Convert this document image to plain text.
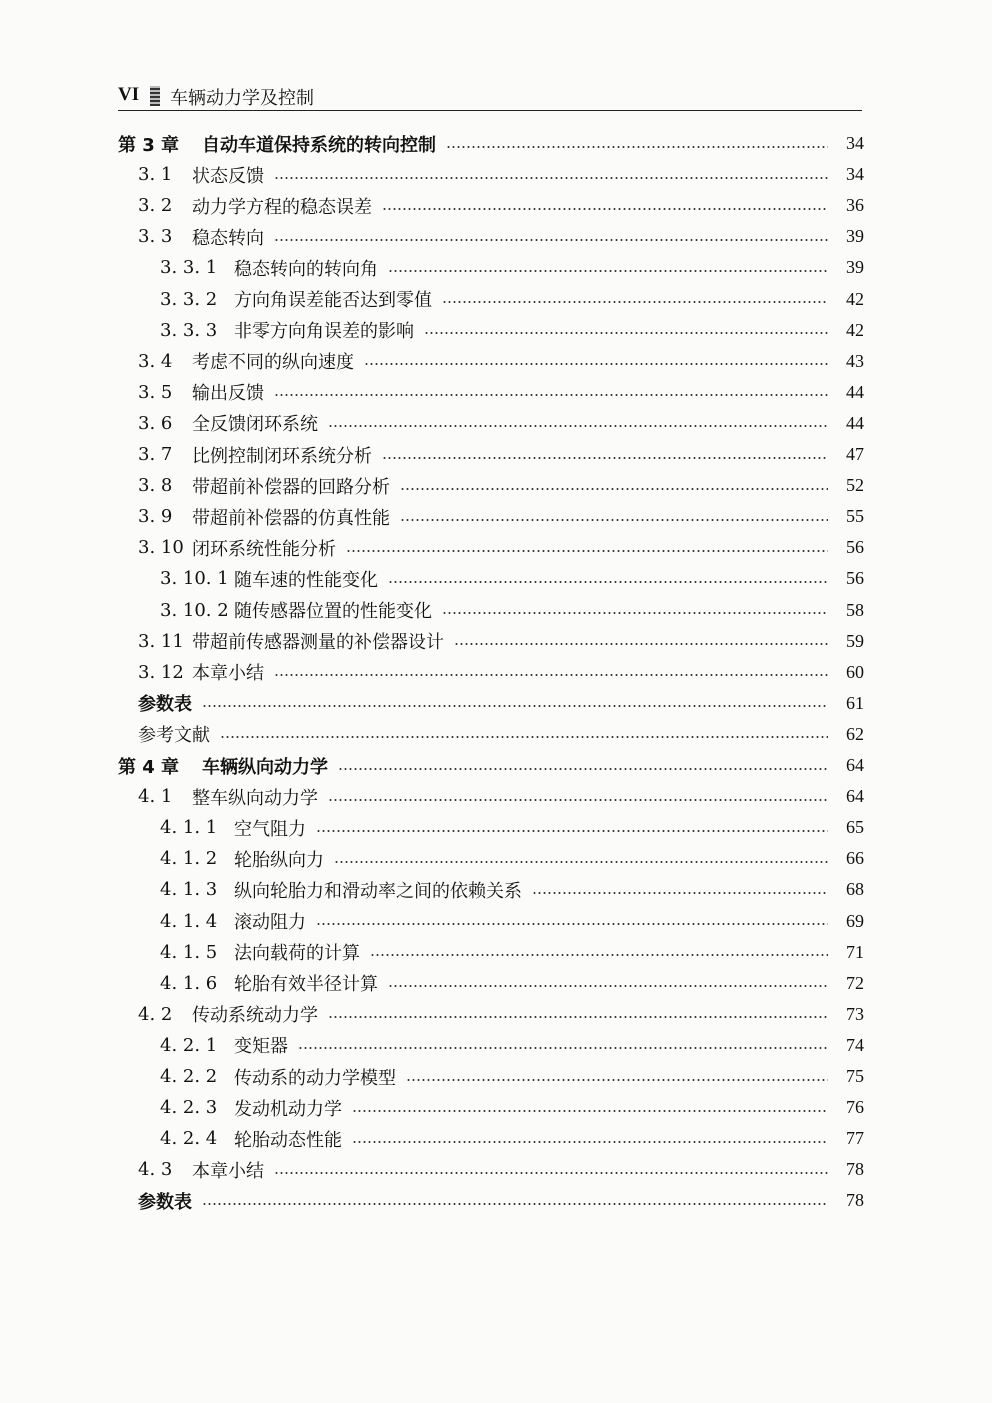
VI 车辆动力学及控制
第 3 章	自动车道保持系统的转向控制	34
3. 1	状态反馈	34
3. 2	动力学方程的稳态误差	36
3. 3	稳态转向	39
3. 3. 1 稳态转向的转向角	39
3. 3. 2 方向角误差能否达到零值	42
3. 3. 3 非零方向角误差的影响	42
3. 4	考虑不同的纵向速度	43
3. 5	输出反馈	44
3. 6	全反馈闭环系统	44
3. 7	比例控制闭环系统分析	47
3. 8	带超前补偿器的回路分析	52
3. 9	带超前补偿器的仿真性能	55
3. 10 闭环系统性能分析	56
3. 10. 1 随车速的性能变化	56
3. 10. 2 随传感器位置的性能变化	58
3. 11 带超前传感器测量的补偿器设计	59
3. 12 本章小结	60
参数表	61
参考文献	62
第 4 章	车辆纵向动力学	64
4. 1	整车纵向动力学	64
4. 1. 1 空气阻力	65
4. 1. 2 轮胎纵向力	66
4. 1. 3 纵向轮胎力和滑动率之间的依赖关系	68
4. 1. 4 滚动阻力	69
4. 1. 5 法向载荷的计算	71
4. 1. 6 轮胎有效半径计算	72
4. 2	传动系统动力学	73
4. 2. 1 变矩器	74
4. 2. 2 传动系的动力学模型	75
4. 2. 3 发动机动力学	76
4. 2. 4 轮胎动态性能	77
4. 3	本章小结	78
参数表	78
